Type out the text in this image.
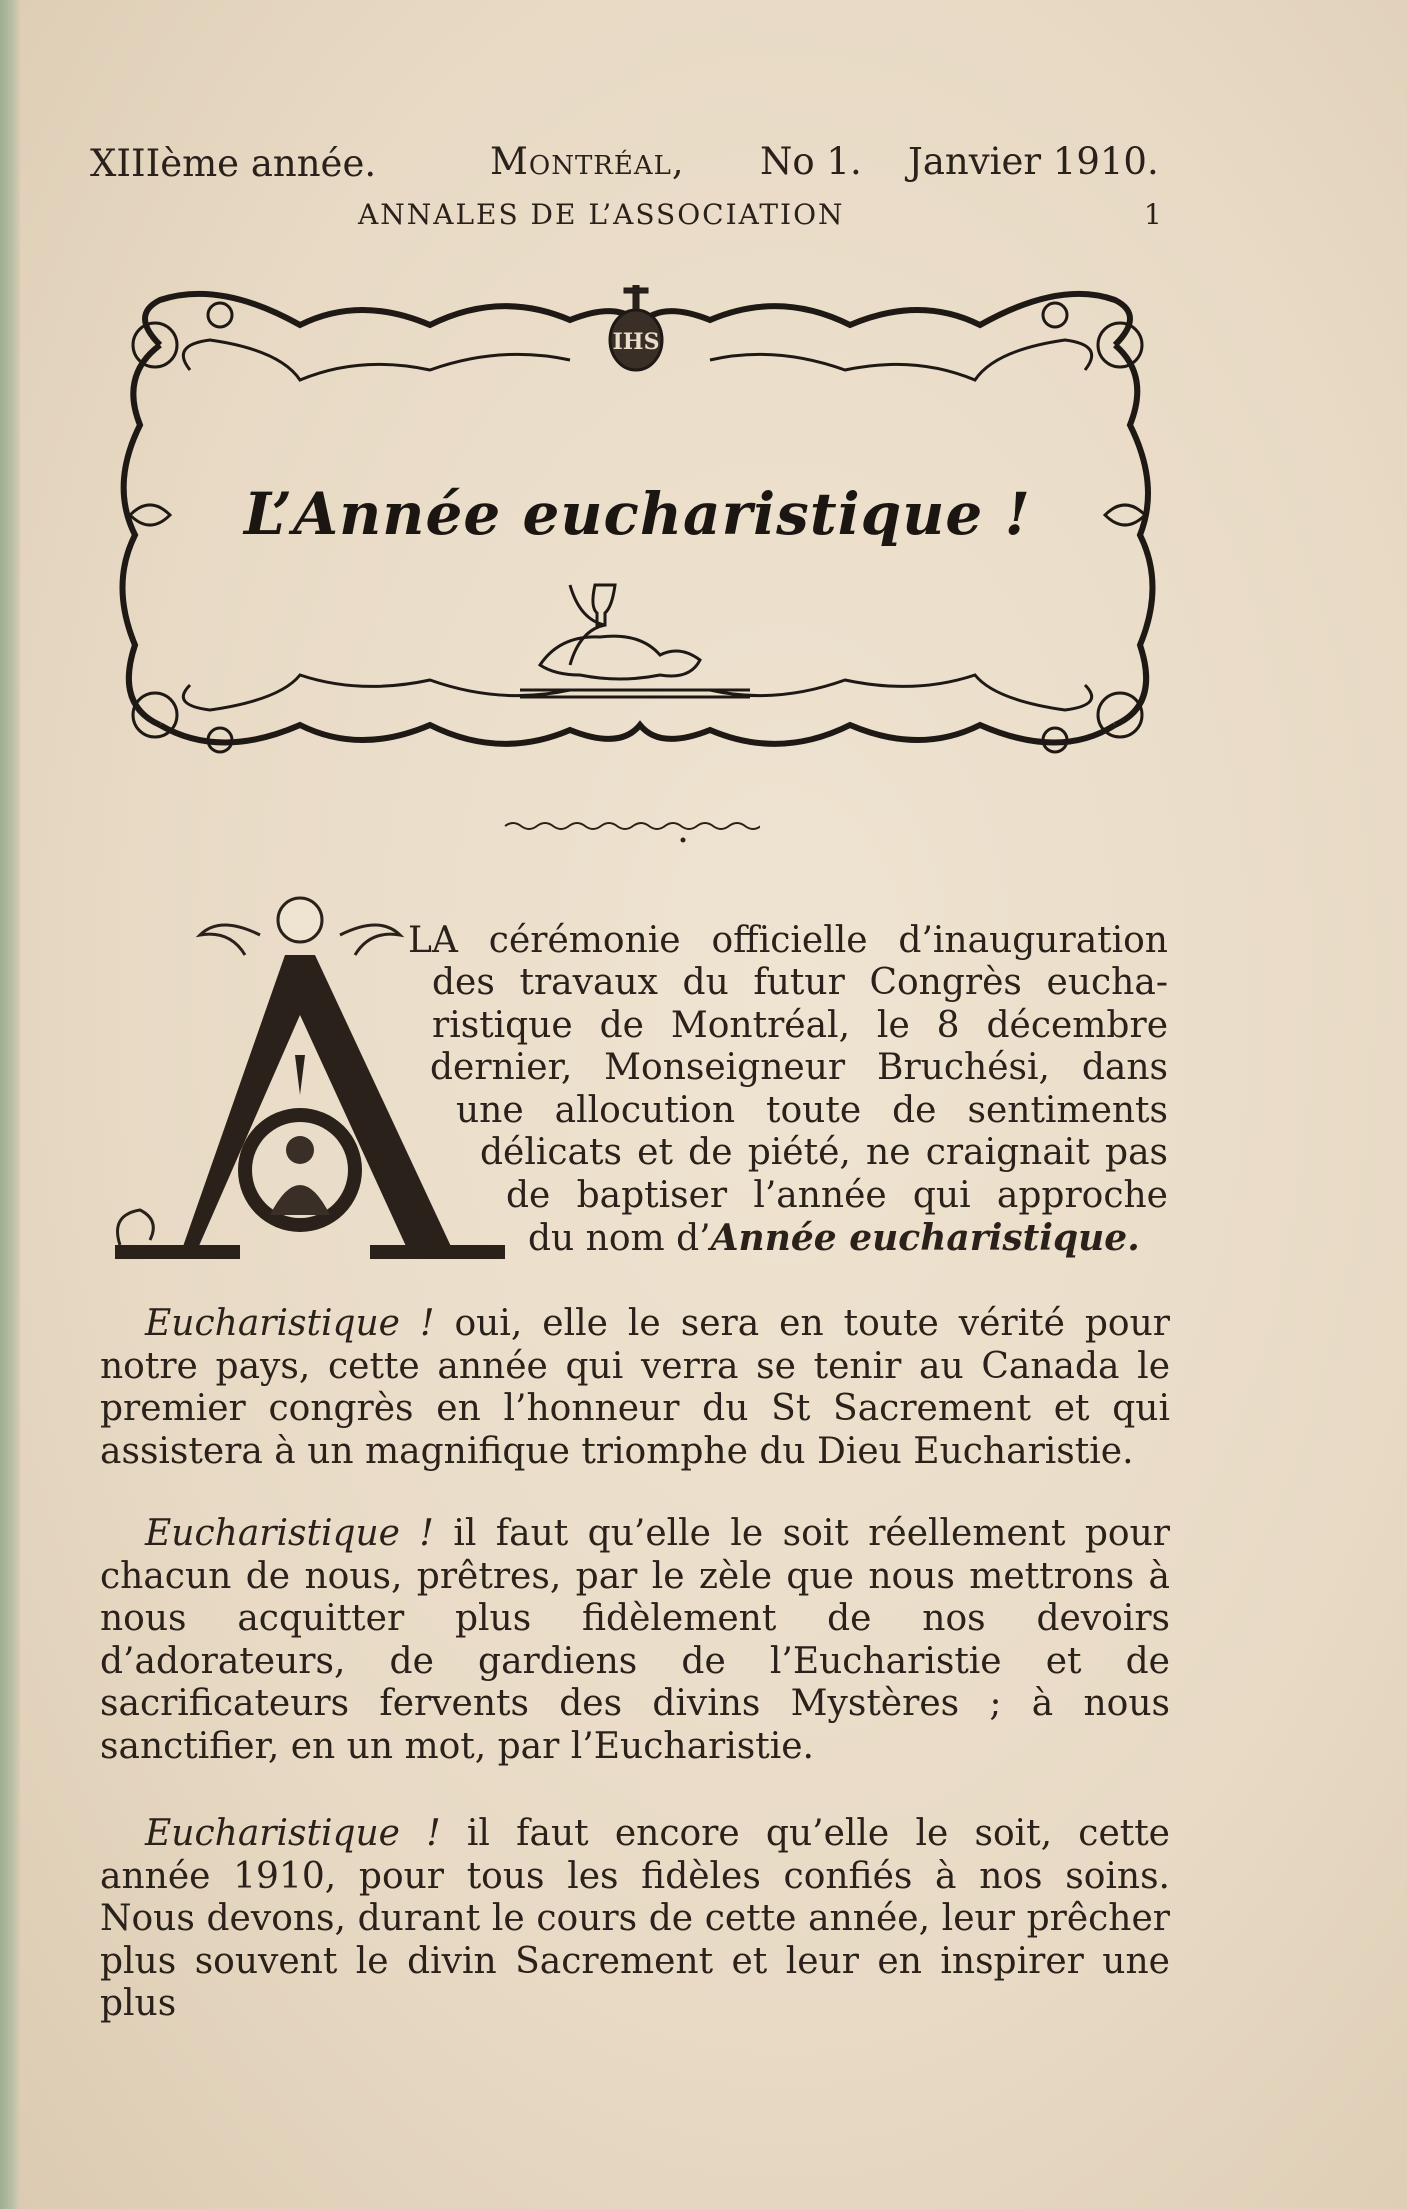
XIIIème année.	Montréal, No 1. Janvier 1910.
ANNALES DE L’ASSOCIATION	1
IHS
L’Année eucharistique !
LA cérémonie officielle d’inauguration
des travaux du futur Congrès eucha-
ristique de Montréal, le 8 décembre
dernier, Monseigneur Bruchési, dans
une allocution toute de sentiments
délicats et de piété, ne craignait pas
de baptiser l’année qui approche
du nom d’Année eucharistique.

Eucharistique ! oui, elle le sera en toute vérité pour notre pays, cette année qui verra se tenir au Canada le premier congrès en l’honneur du St Sacrement et qui assistera à un magnifique triomphe du Dieu Eucharistie.

Eucharistique ! il faut qu’elle le soit réellement pour chacun de nous, prêtres, par le zèle que nous mettrons à nous acquitter plus fidèlement de nos devoirs d’adorateurs, de gardiens de l’Eucharistie et de sacrificateurs fervents des divins Mystères ; à nous sanctifier, en un mot, par l’Eucharistie.

Eucharistique ! il faut encore qu’elle le soit, cette année 1910, pour tous les fidèles confiés à nos soins. Nous devons, durant le cours de cette année, leur prêcher plus souvent le divin Sacrement et leur en inspirer une plus
